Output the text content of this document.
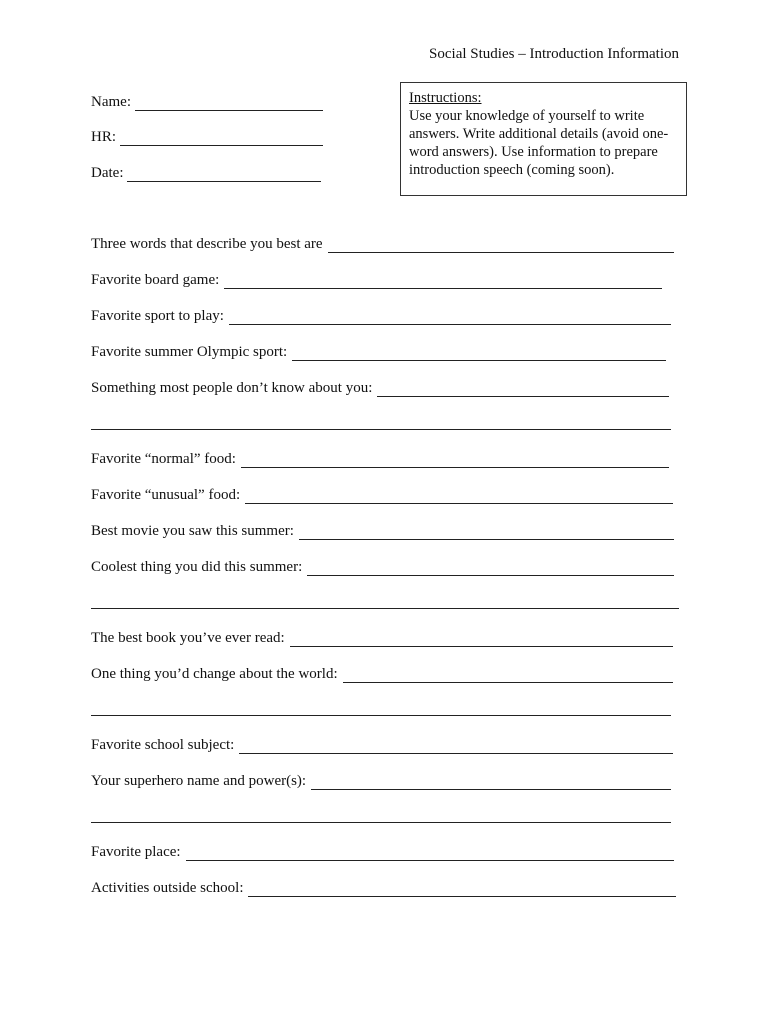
Social Studies – Introduction Information
Name:
HR:
Date:
Instructions:
Use your knowledge of yourself to write answers. Write additional details (avoid one-word answers). Use information to prepare introduction speech (coming soon).
Three words that describe you best are
Favorite board game:
Favorite sport to play:
Favorite summer Olympic sport:
Something most people don’t know about you:
Favorite “normal” food:
Favorite “unusual” food:
Best movie you saw this summer:
Coolest thing you did this summer:
The best book you’ve ever read:
One thing you’d change about the world:
Favorite school subject:
Your superhero name and power(s):
Favorite place:
Activities outside school:
